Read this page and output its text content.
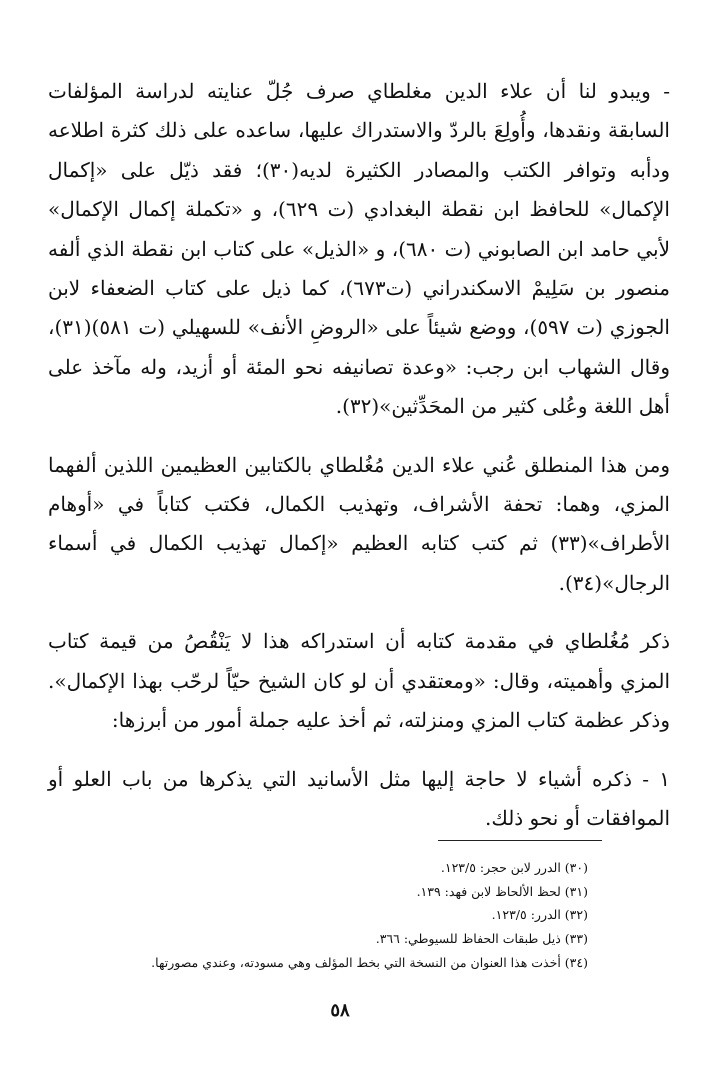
- ويبدو لنا أن علاء الدين مغلطاي صرف جُلّ عنايته لدراسة المؤلفات السابقة ونقدها، وأُولِعَ بالردّ والاستدراك عليها، ساعده على ذلك كثرة اطلاعه ودأبه وتوافر الكتب والمصادر الكثيرة لديه(٣٠)؛ فقد ذيّل على «إكمال الإكمال» للحافظ ابن نقطة البغدادي (ت ٦٢٩)، و «تكملة إكمال الإكمال» لأبي حامد ابن الصابوني (ت ٦٨٠)، و «الذيل» على كتاب ابن نقطة الذي ألفه منصور بن سَلِيمْ الاسكندراني (ت٦٧٣)، كما ذيل على كتاب الضعفاء لابن الجوزي (ت ٥٩٧)، ووضع شيئاً على «الروضِ الأنف» للسهيلي (ت ٥٨١)(٣١)، وقال الشهاب ابن رجب: «وعدة تصانيفه نحو المئة أو أزيد، وله مآخذ على أهل اللغة وعُلى كثير من المحَدِّثين»(٣٢).

ومن هذا المنطلق عُني علاء الدين مُغُلطاي بالكتابين العظيمين اللذين ألفهما المزي، وهما: تحفة الأشراف، وتهذيب الكمال، فكتب كتاباً في «أوهام الأطراف»(٣٣) ثم كتب كتابه العظيم «إكمال تهذيب الكمال في أسماء الرجال»(٣٤).

ذكر مُغُلطاي في مقدمة كتابه أن استدراكه هذا لا يَنْقُصُ من قيمة كتاب المزي وأهميته، وقال: «ومعتقدي أن لو كان الشيخ حيّاً لرحّب بهذا الإكمال». وذكر عظمة كتاب المزي ومنزلته، ثم أخذ عليه جملة أمور من أبرزها:

١ - ذكره أشياء لا حاجة إليها مثل الأسانيد التي يذكرها من باب العلو أو الموافقات أو نحو ذلك.

(٣٠) الدرر لابن حجر: ١٢٣/٥.

(٣١) لحظ الألحاظ لابن فهد: ١٣٩.

(٣٢) الدرر: ١٢٣/٥.

(٣٣) ذيل طبقات الحفاظ للسيوطي: ٣٦٦.

(٣٤) أخذت هذا العنوان من النسخة التي بخط المؤلف وهي مسودته، وعندي مصورتها.

٥٨
